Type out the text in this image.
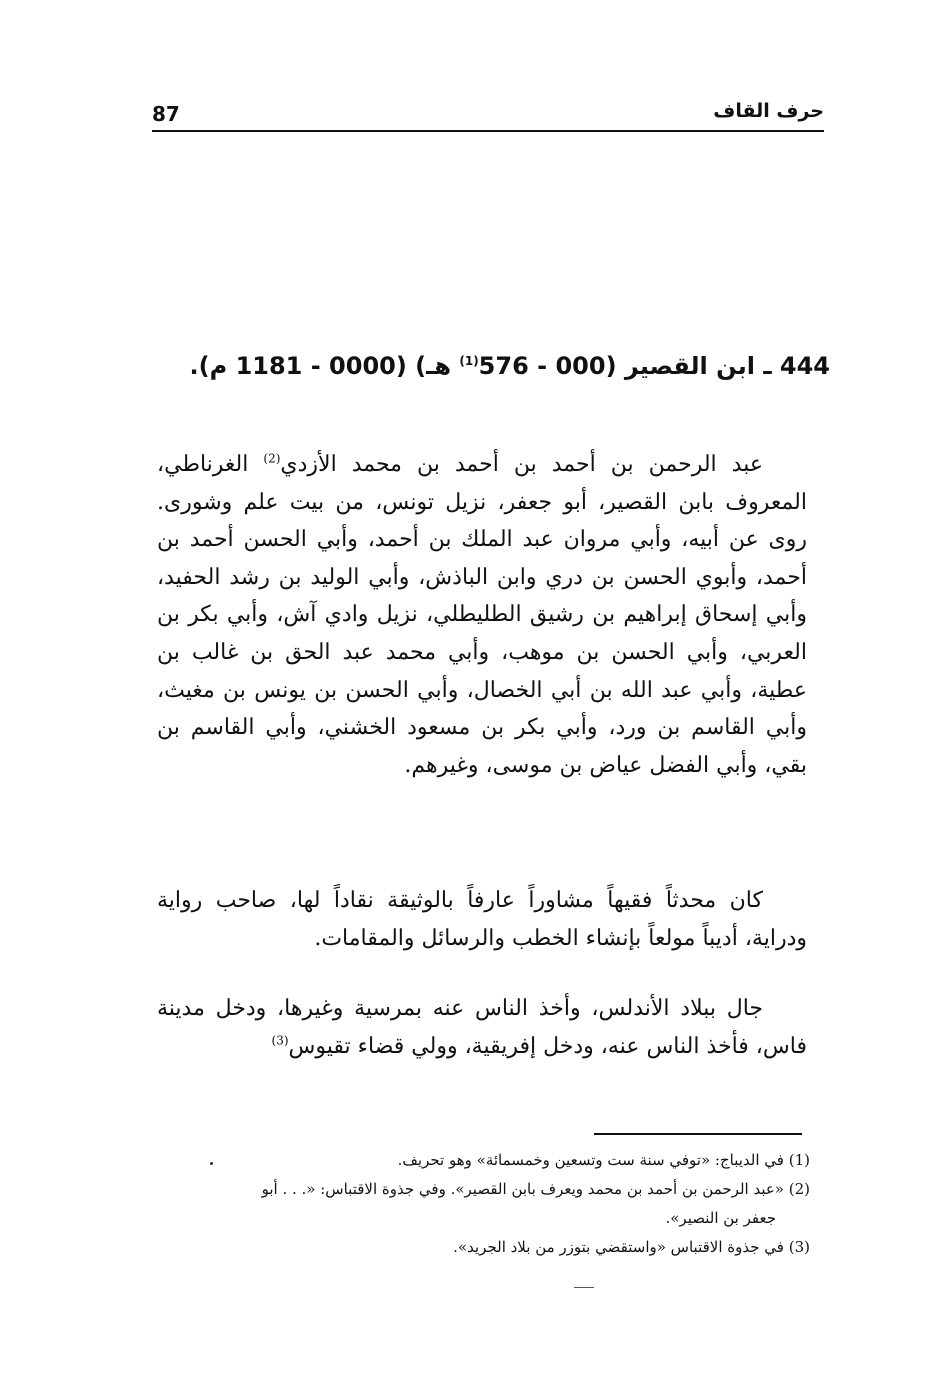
87	حرف القاف
444 ـ ابن القصير (000 - 576$^{(1)}$ هـ) (0000 - 1181 م).

عبد الرحمن بن أحمد بن أحمد بن محمد الأزدي$^{(2)}$ الغرناطي، المعروف بابن القصير، أبو جعفر، نزيل تونس، من بيت علم وشورى. روى عن أبيه، وأبي مروان عبد الملك بن أحمد، وأبي الحسن أحمد بن أحمد، وأبوي الحسن بن دري وابن الباذش، وأبي الوليد بن رشد الحفيد، وأبي إسحاق إبراهيم بن رشيق الطليطلي، نزيل وادي آش، وأبي بكر بن العربي، وأبي الحسن بن موهب، وأبي محمد عبد الحق بن غالب بن عطية، وأبي عبد الله بن أبي الخصال، وأبي الحسن بن يونس بن مغيث، وأبي القاسم بن ورد، وأبي بكر بن مسعود الخشني، وأبي القاسم بن بقي، وأبي الفضل عياض بن موسى، وغيرهم.

كان محدثاً فقيهاً مشاوراً عارفاً بالوثيقة نقاداً لها، صاحب رواية ودراية، أديباً مولعاً بإنشاء الخطب والرسائل والمقامات.

جال ببلاد الأندلس، وأخذ الناس عنه بمرسية وغيرها، ودخل مدينة فاس، فأخذ الناس عنه، ودخل إفريقية، وولي قضاء تقيوس$^{(3)}$

(1) في الديباج: «توفي سنة ست وتسعين وخمسمائة» وهو تحريف.

(2) «عبد الرحمن بن أحمد بن محمد ويعرف بابن القصير». وفي جذوة الاقتباس: «. . . أبو

جعفر بن النصير».

(3) في جذوة الاقتباس «واستقضي بتوزر من بلاد الجريد».
